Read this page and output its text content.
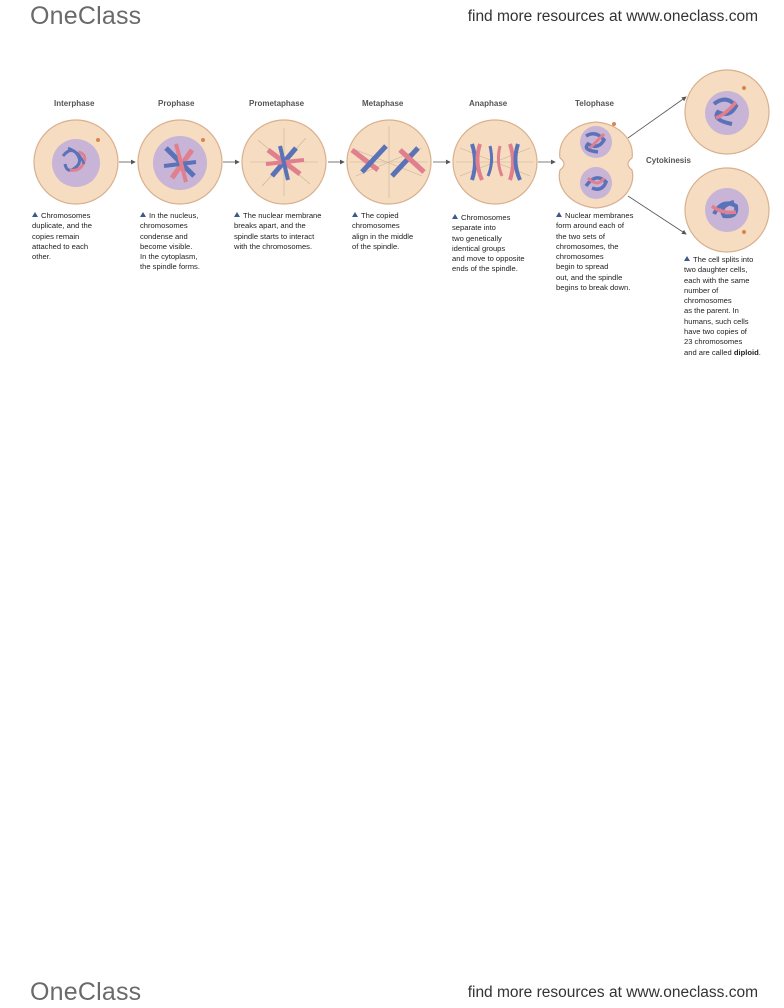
OneClass	find more resources at www.oneclass.com
Interphase	Prophase	Prometaphase	Metaphase	Anaphase	Telophase
Cytokinesis
Chromosomes
duplicate, and the
copies remain
attached to each
other.
In the nucleus,
chromosomes
condense and
become visible.
In the cytoplasm,
the spindle forms.
The nuclear membrane
breaks apart, and the
spindle starts to interact
with the chromosomes.
The copied
chromosomes
align in the middle
of the spindle.
Chromosomes
separate into
two genetically
identical groups
and move to opposite
ends of the spindle.
Nuclear membranes
form around each of
the two sets of
chromosomes, the
chromosomes
begin to spread
out, and the spindle
begins to break down.
The cell splits into
two daughter cells,
each with the same
number of
chromosomes
as the parent. In
humans, such cells
have two copies of
23 chromosomes
and are called diploid.
OneClass	find more resources at www.oneclass.com
